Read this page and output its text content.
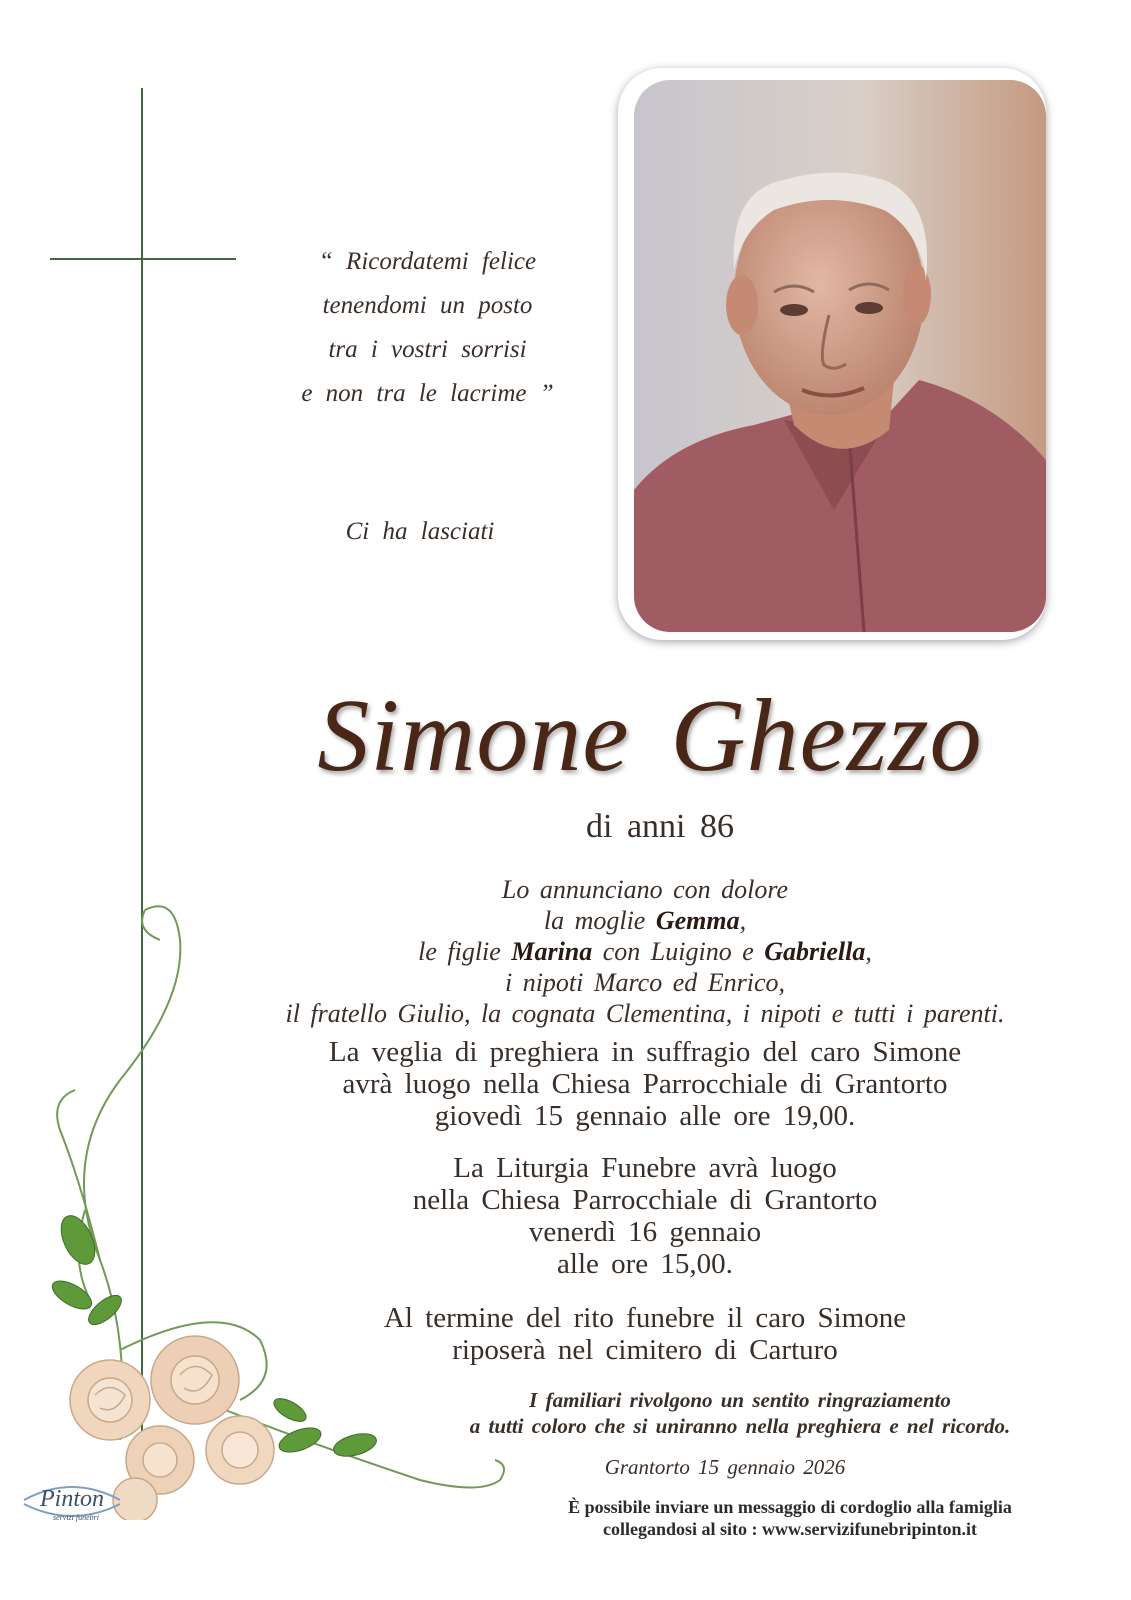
“ Ricordatemi felice
tenendomi un posto
tra i vostri sorrisi
e non tra le lacrime ”
Ci ha lasciati
Simone Ghezzo
di anni 86
Lo annunciano con dolore
la moglie Gemma,
le figlie Marina con Luigino e Gabriella,
i nipoti Marco ed Enrico,
il fratello Giulio, la cognata Clementina, i nipoti e tutti i parenti.
La veglia di preghiera in suffragio del caro Simone
avrà luogo nella Chiesa Parrocchiale di Grantorto
giovedì 15 gennaio alle ore 19,00.
La Liturgia Funebre avrà luogo
nella Chiesa Parrocchiale di Grantorto
venerdì 16 gennaio
alle ore 15,00.
Al termine del rito funebre il caro Simone
riposerà nel cimitero di Carturo
I familiari rivolgono un sentito ringraziamento
a tutti coloro che si uniranno nella preghiera e nel ricordo.
Grantorto 15 gennaio 2026
È possibile inviare un messaggio di cordoglio alla famiglia
collegandosi al sito : www.servizifunebripinton.it
Pinton
servizi funebri
